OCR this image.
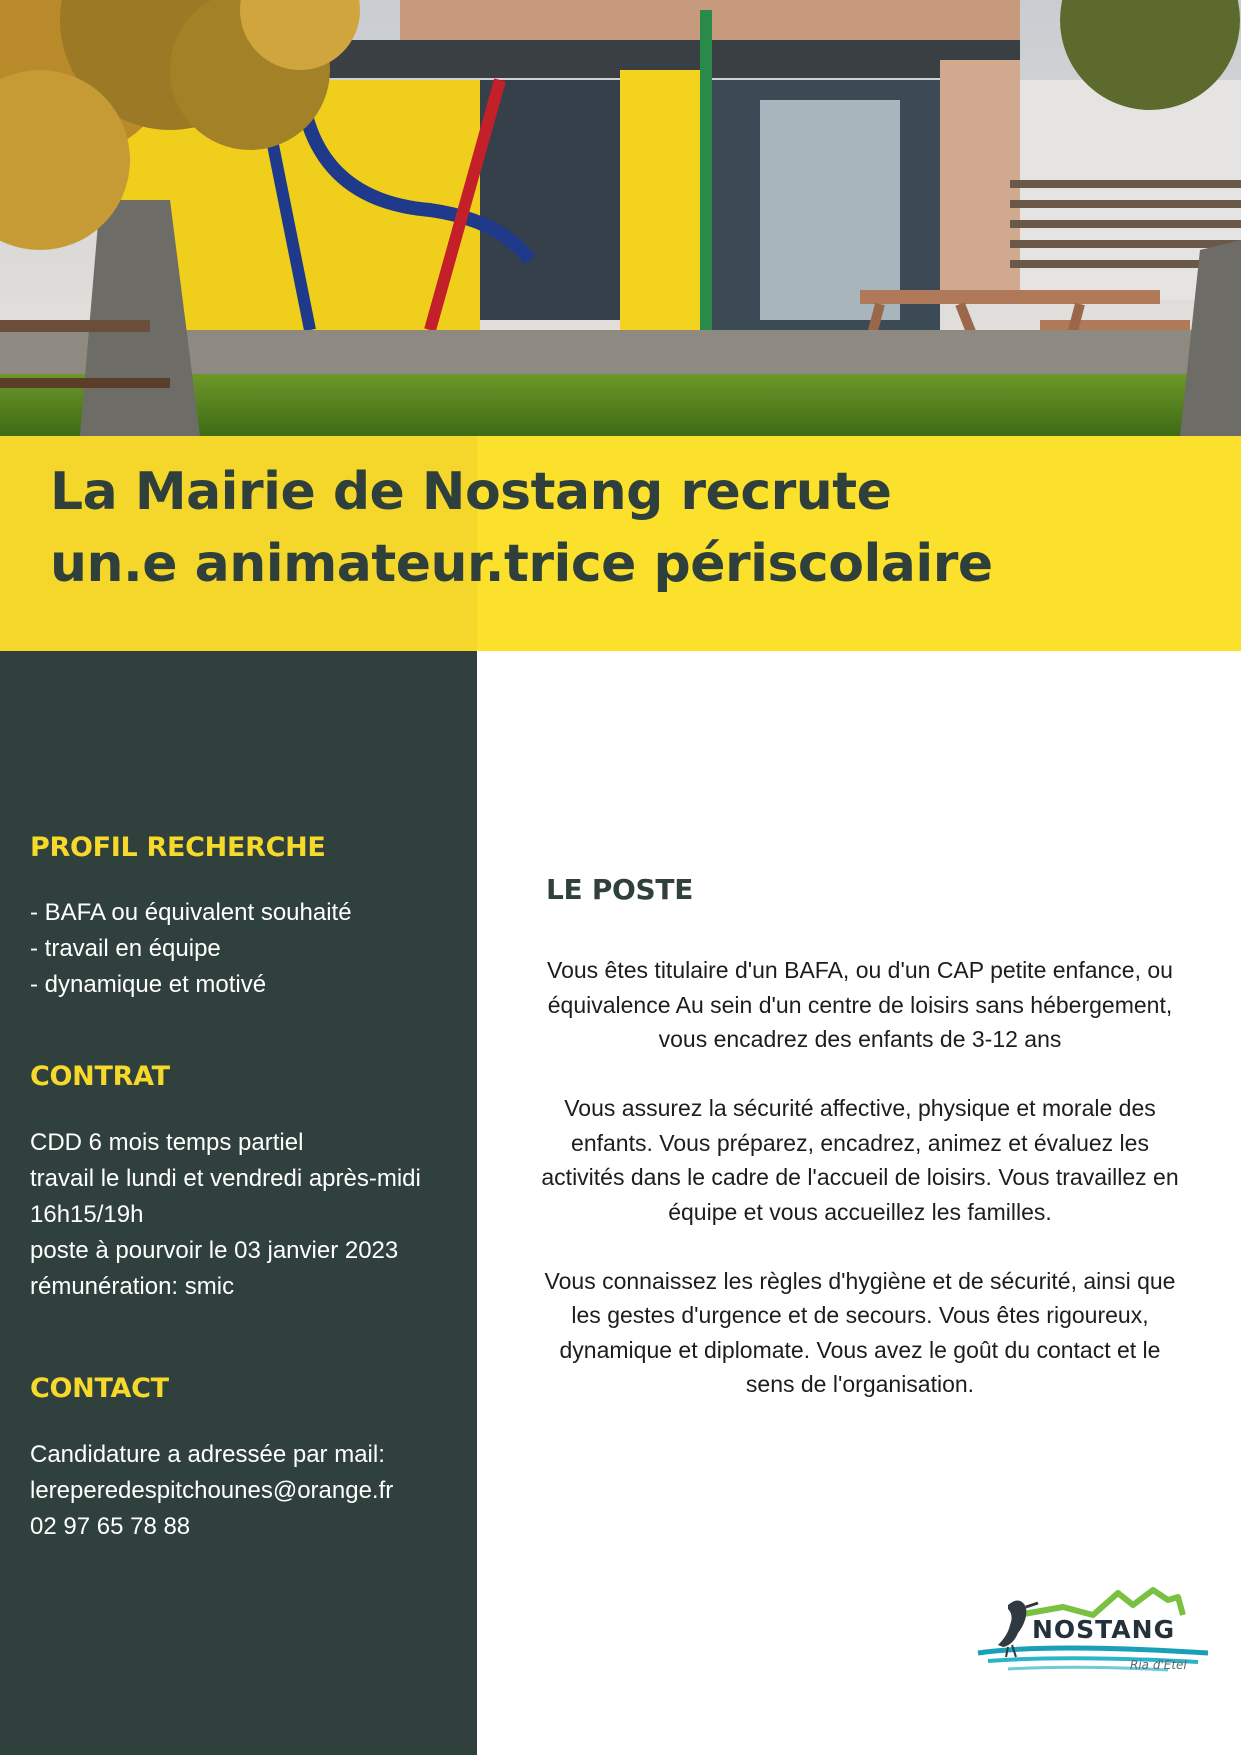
La Mairie de Nostang recrute
un.e animateur.trice périscolaire
PROFIL RECHERCHE
- BAFA ou équivalent souhaité
- travail en équipe
- dynamique et motivé
CONTRAT
CDD 6 mois temps partiel
travail le lundi et vendredi après-midi
16h15/19h
poste à pourvoir le 03 janvier 2023
rémunération: smic
CONTACT
Candidature a adressée par mail:
lereperedespitchounes@orange.fr
02 97 65 78 88
LE POSTE

Vous êtes titulaire d'un BAFA, ou d'un CAP petite enfance, ou équivalence Au sein d'un centre de loisirs sans hébergement, vous encadrez des enfants de 3-12 ans

Vous assurez la sécurité affective, physique et morale des enfants. Vous préparez, encadrez, animez et évaluez les activités dans le cadre de l'accueil de loisirs. Vous travaillez en équipe et vous accueillez les familles.

Vous connaissez les règles d'hygiène et de sécurité, ainsi que les gestes d'urgence et de secours. Vous êtes rigoureux, dynamique et diplomate. Vous avez le goût du contact et le sens de l'organisation.

NOSTANG
Ria d'Etel
